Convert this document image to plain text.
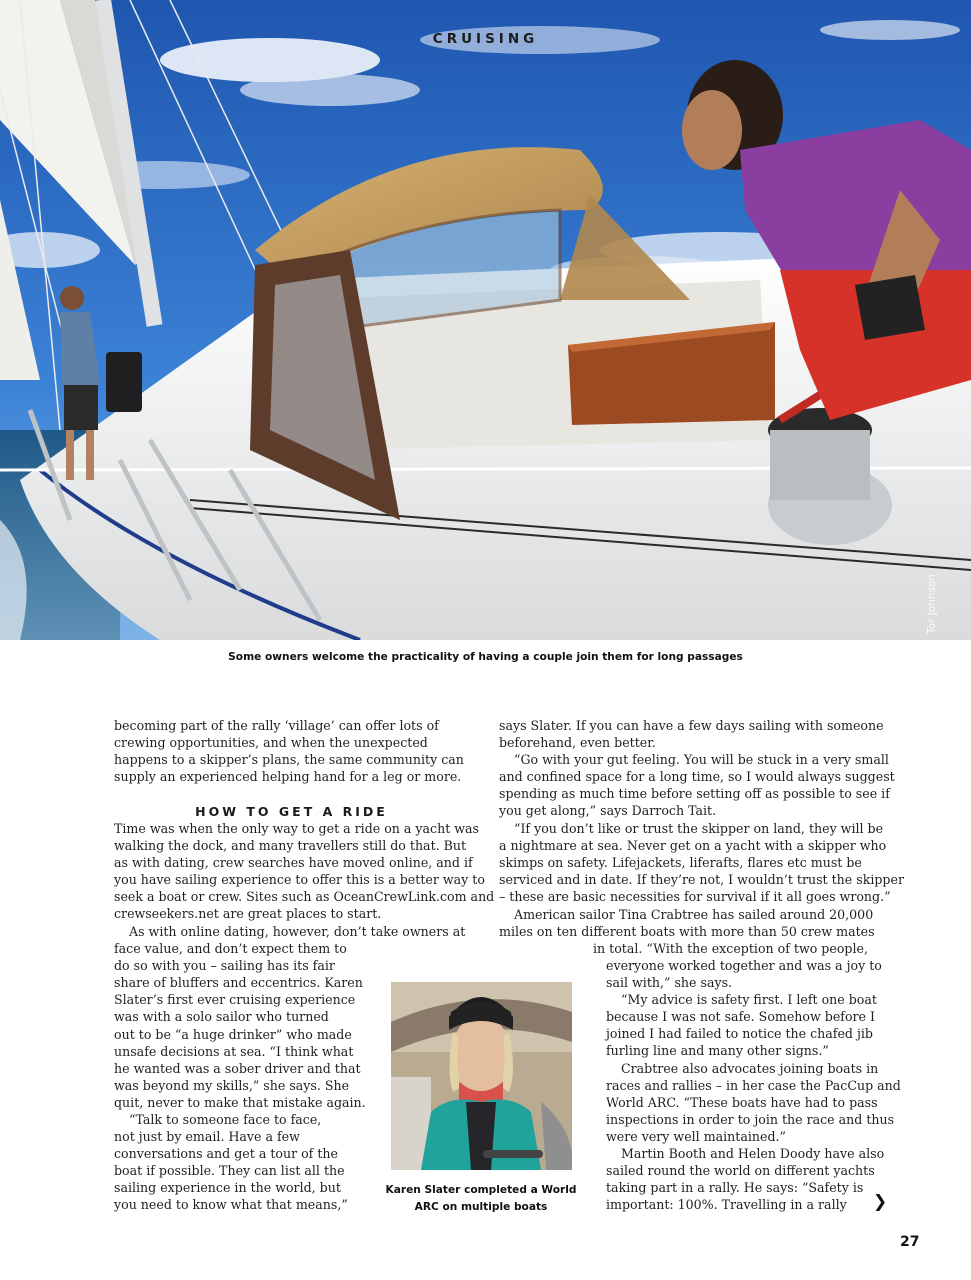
CRUISING
Tor Johnson
Some owners welcome the practicality of having a couple join them for long passages
becoming part of the rally ‘village’ can offer lots of
crewing opportunities, and when the unexpected
happens to a skipper’s plans, the same community can
supply an experienced helping hand for a leg or more.
HOW TO GET A RIDE
Time was when the only way to get a ride on a yacht was
walking the dock, and many travellers still do that. But
as with dating, crew searches have moved online, and if
you have sailing experience to offer this is a better way to
seek a boat or crew. Sites such as OceanCrewLink.com and
crewseekers.net are great places to start.
As with online dating, however, don’t take owners at
face value, and don’t expect them to
do so with you – sailing has its fair
share of bluffers and eccentrics. Karen
Slater’s first ever cruising experience
was with a solo sailor who turned
out to be “a huge drinker” who made
unsafe decisions at sea. “I think what
he wanted was a sober driver and that
was beyond my skills,” she says. She
quit, never to make that mistake again.
“Talk to someone face to face,
not just by email. Have a few
conversations and get a tour of the
boat if possible. They can list all the
sailing experience in the world, but
you need to know what that means,”
Karen Slater completed a World
ARC on multiple boats
says Slater. If you can have a few days sailing with someone
beforehand, even better.
“Go with your gut feeling. You will be stuck in a very small
and confined space for a long time, so I would always suggest
spending as much time before setting off as possible to see if
you get along,” says Darroch Tait.
“If you don’t like or trust the skipper on land, they will be
a nightmare at sea. Never get on a yacht with a skipper who
skimps on safety. Lifejackets, liferafts, flares etc must be
serviced and in date. If they’re not, I wouldn’t trust the skipper
– these are basic necessities for survival if it all goes wrong.”
American sailor Tina Crabtree has sailed around 20,000
miles on ten different boats with more than 50 crew mates
in total. “With the exception of two people,
everyone worked together and was a joy to
sail with,” she says.
“My advice is safety first. I left one boat
because I was not safe. Somehow before I
joined I had failed to notice the chafed jib
furling line and many other signs.”
Crabtree also advocates joining boats in
races and rallies – in her case the PacCup and
World ARC. “These boats have had to pass
inspections in order to join the race and thus
were very well maintained.”
Martin Booth and Helen Doody have also
sailed round the world on different yachts
taking part in a rally. He says: “Safety is
important: 100%. Travelling in a rally	❯
27
